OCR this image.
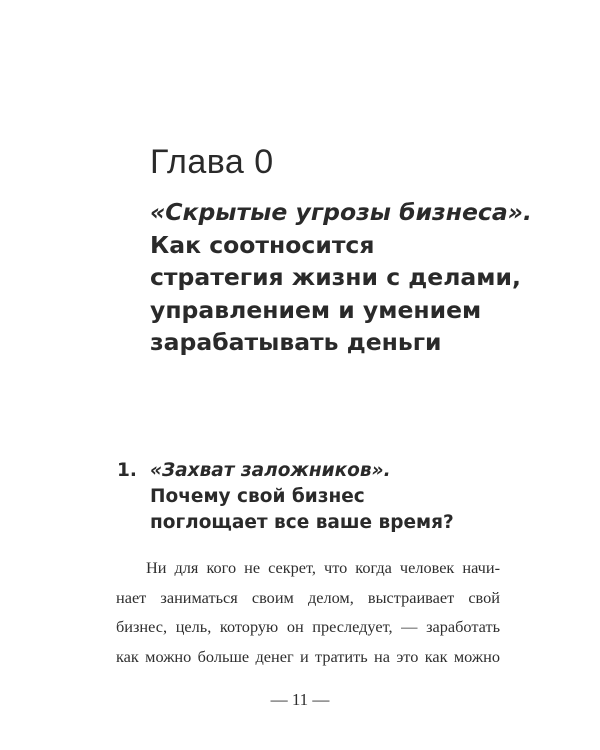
Глава 0
«Скрытые угрозы бизнеса».
Как соотносится
стратегия жизни с делами,
управлением и умением
зарабатывать деньги
1. «Захват заложников».
Почему свой бизнес
поглощает все ваше время?
Ни для кого не секрет, что когда человек начи-
нает заниматься своим делом, выстраивает свой
бизнес, цель, которую он преследует, — заработать
как можно больше денег и тратить на это как можно
— 11 —
